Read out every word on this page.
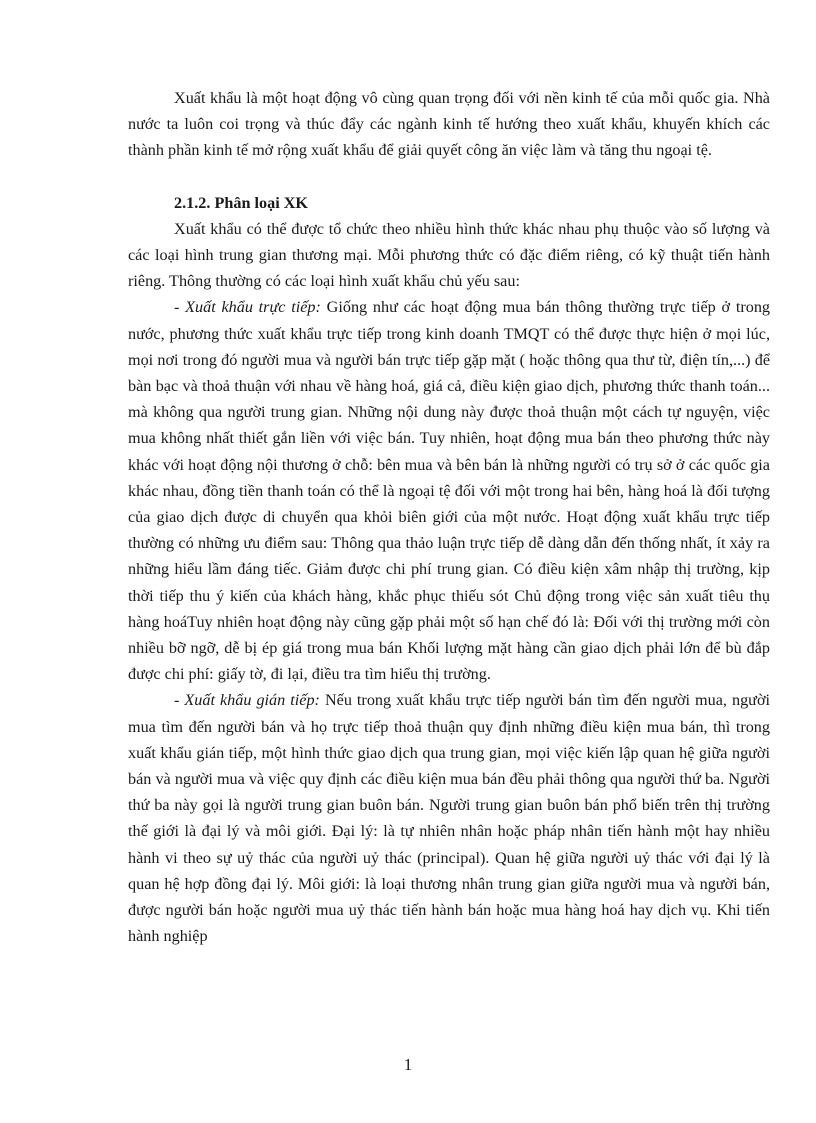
Xuất khẩu là một hoạt động vô cùng quan trọng đối với nền kinh tế của mỗi quốc gia. Nhà nước ta luôn coi trọng và thúc đẩy các ngành kinh tế hướng theo xuất khẩu, khuyến khích các thành phần kinh tế mở rộng xuất khẩu để giải quyết công ăn việc làm và tăng thu ngoại tệ.

2.1.2. Phân loại XK

Xuất khẩu có thể được tổ chức theo nhiều hình thức khác nhau phụ thuộc vào số lượng và các loại hình trung gian thương mại. Mỗi phương thức có đặc điểm riêng, có kỹ thuật tiến hành riêng. Thông thường có các loại hình xuất khẩu chủ yếu sau:

- Xuất khẩu trực tiếp: Giống như các hoạt động mua bán thông thường trực tiếp ở trong nước, phương thức xuất khẩu trực tiếp trong kinh doanh TMQT có thể được thực hiện ở mọi lúc, mọi nơi trong đó người mua và người bán trực tiếp gặp mặt ( hoặc thông qua thư từ, điện tín,...) để bàn bạc và thoả thuận với nhau về hàng hoá, giá cả, điều kiện giao dịch, phương thức thanh toán... mà không qua người trung gian. Những nội dung này được thoả thuận một cách tự nguyện, việc mua không nhất thiết gắn liền với việc bán. Tuy nhiên, hoạt động mua bán theo phương thức này khác với hoạt động nội thương ở chỗ: bên mua và bên bán là những người có trụ sở ở các quốc gia khác nhau, đồng tiền thanh toán có thể là ngoại tệ đối với một trong hai bên, hàng hoá là đối tượng của giao dịch được di chuyển qua khỏi biên giới của một nước. Hoạt động xuất khẩu trực tiếp thường có những ưu điểm sau: Thông qua thảo luận trực tiếp dễ dàng dẫn đến thống nhất, ít xảy ra những hiểu lầm đáng tiếc. Giảm được chi phí trung gian. Có điều kiện xâm nhập thị trường, kịp thời tiếp thu ý kiến của khách hàng, khắc phục thiếu sót Chủ động trong việc sản xuất tiêu thụ hàng hoáTuy nhiên hoạt động này cũng gặp phải một số hạn chế đó là: Đối với thị trường mới còn nhiều bỡ ngỡ, dễ bị ép giá trong mua bán Khối lượng mặt hàng cần giao dịch phải lớn để bù đắp được chi phí: giấy tờ, đi lại, điều tra tìm hiểu thị trường.

- Xuất khẩu gián tiếp: Nếu trong xuất khẩu trực tiếp người bán tìm đến người mua, người mua tìm đến người bán và họ trực tiếp thoả thuận quy định những điều kiện mua bán, thì trong xuất khẩu gián tiếp, một hình thức giao dịch qua trung gian, mọi việc kiến lập quan hệ giữa người bán và người mua và việc quy định các điều kiện mua bán đều phải thông qua người thứ ba. Người thứ ba này gọi là người trung gian buôn bán. Người trung gian buôn bán phổ biến trên thị trường thế giới là đại lý và môi giới. Đại lý: là tự nhiên nhân hoặc pháp nhân tiến hành một hay nhiều hành vi theo sự uỷ thác của người uỷ thác (principal). Quan hệ giữa người uỷ thác với đại lý là quan hệ hợp đồng đại lý. Môi giới: là loại thương nhân trung gian giữa người mua và người bán, được người bán hoặc người mua uỷ thác tiến hành bán hoặc mua hàng hoá hay dịch vụ. Khi tiến hành nghiệp

1
